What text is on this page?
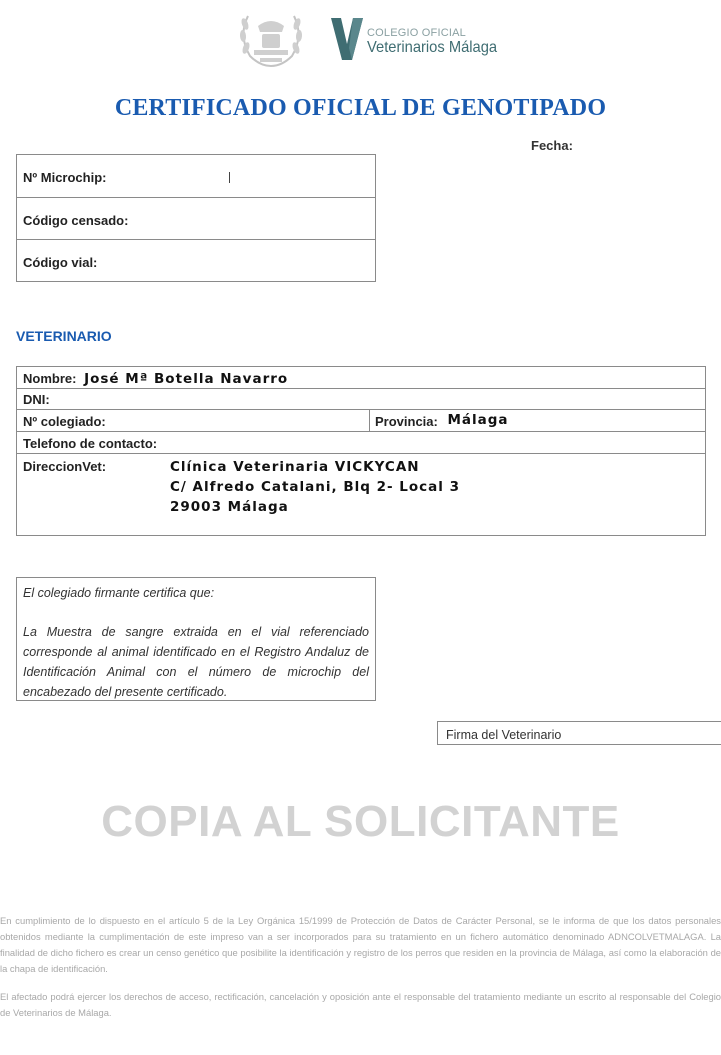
COLEGIO OFICIAL
Veterinarios Málaga
CERTIFICADO OFICIAL DE GENOTIPADO
Fecha:
Nº Microchip:
Código censado:
Código vial:
VETERINARIO
Nombre: José Mª Botella Navarro
DNI:
Nº colegiado:	Provincia: Málaga
Telefono de contacto:
DireccionVet:	Clínica Veterinaria VICKYCAN
C/ Alfredo Catalani, Blq 2- Local 3
29003 Málaga
El colegiado firmante certifica que:
La Muestra de sangre extraida en el vial referenciado corresponde al animal identificado en el Registro Andaluz de Identificación Animal con el número de microchip del encabezado del presente certificado.
Firma del Veterinario
COPIA AL SOLICITANTE
En cumplimiento de lo dispuesto en el artículo 5 de la Ley Orgánica 15/1999 de Protección de Datos de Carácter Personal, se le informa de que los datos personales obtenidos mediante la cumplimentación de este impreso van a ser incorporados para su tratamiento en un fichero automático denominado ADNCOLVETMALAGA. La finalidad de dicho fichero es crear un censo genético que posibilite la identificación y registro de los perros que residen en la provincia de Málaga, así como la elaboración de la chapa de identificación.
El afectado podrá ejercer los derechos de acceso, rectificación, cancelación y oposición ante el responsable del tratamiento mediante un escrito al responsable del Colegio de Veterinarios de Málaga.
